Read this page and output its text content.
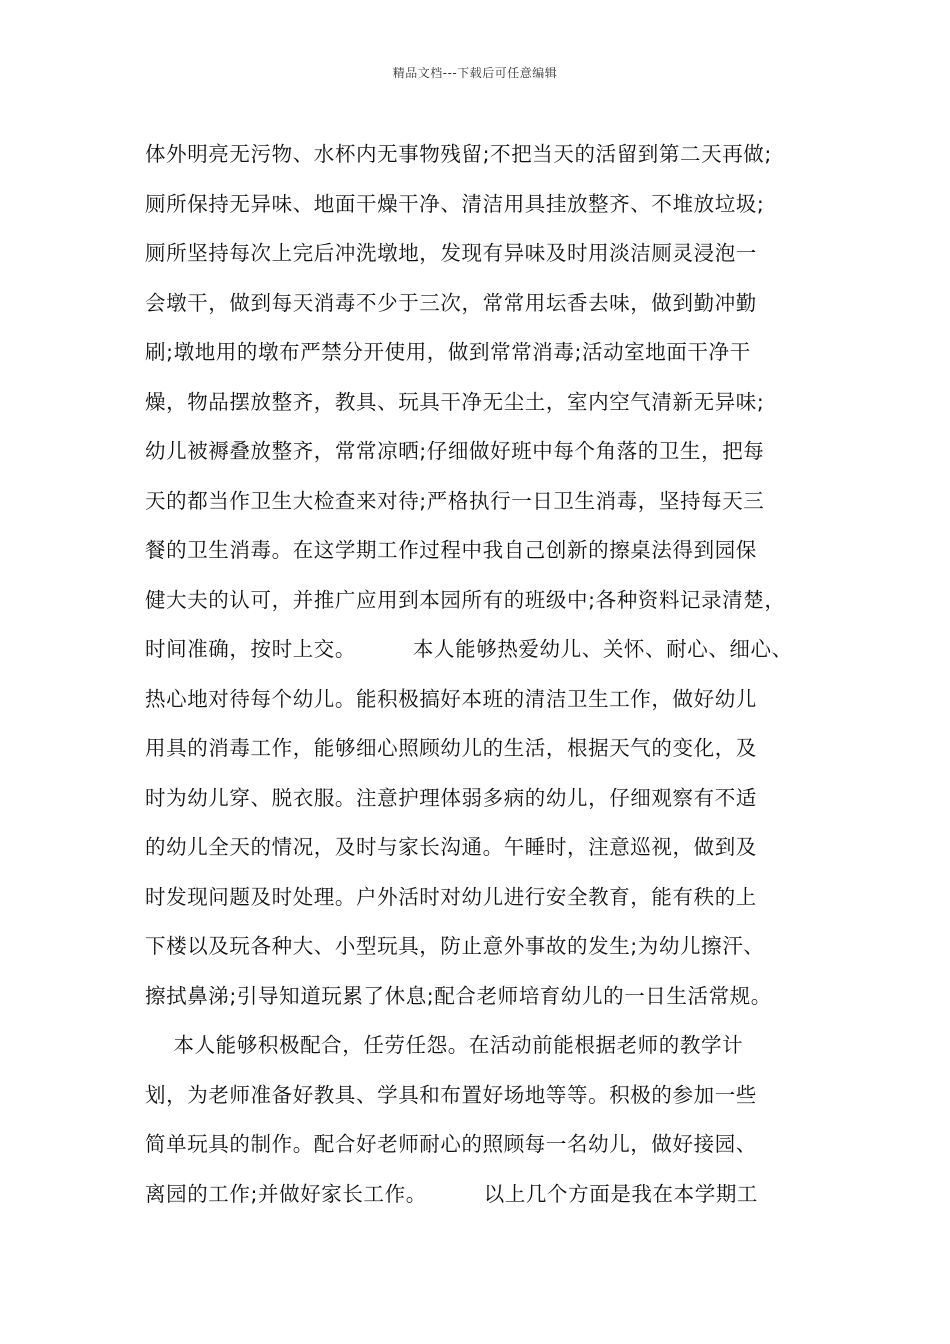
精品文档---下载后可任意编辑
体外明亮无污物、水杯内无事物残留;不把当天的活留到第二天再做;
厕所保持无异味、地面干燥干净、清洁用具挂放整齐、不堆放垃圾;
厕所坚持每次上完后冲洗墩地，发现有异味及时用淡洁厕灵浸泡一
会墩干，做到每天消毒不少于三次，常常用坛香去味，做到勤冲勤
刷;墩地用的墩布严禁分开使用，做到常常消毒;活动室地面干净干
燥，物品摆放整齐，教具、玩具干净无尘土，室内空气清新无异味;
幼儿被褥叠放整齐，常常凉晒;仔细做好班中每个角落的卫生，把每
天的都当作卫生大检查来对待;严格执行一日卫生消毒，坚持每天三
餐的卫生消毒。在这学期工作过程中我自己创新的擦桌法得到园保
健大夫的认可，并推广应用到本园所有的班级中;各种资料记录清楚，
时间准确，按时上交。        本人能够热爱幼儿、关怀、耐心、细心、
热心地对待每个幼儿。能积极搞好本班的清洁卫生工作，做好幼儿
用具的消毒工作，能够细心照顾幼儿的生活，根据天气的变化，及
时为幼儿穿、脱衣服。注意护理体弱多病的幼儿，仔细观察有不适
的幼儿全天的情况，及时与家长沟通。午睡时，注意巡视，做到及
时发现问题及时处理。户外活时对幼儿进行安全教育，能有秩的上
下楼以及玩各种大、小型玩具，防止意外事故的发生;为幼儿擦汗、
擦拭鼻涕;引导知道玩累了休息;配合老师培育幼儿的一日生活常规。
本人能够积极配合，任劳任怨。在活动前能根据老师的教学计
划，为老师准备好教具、学具和布置好场地等等。积极的参加一些
简单玩具的制作。配合好老师耐心的照顾每一名幼儿，做好接园、
离园的工作;并做好家长工作。        以上几个方面是我在本学期工
